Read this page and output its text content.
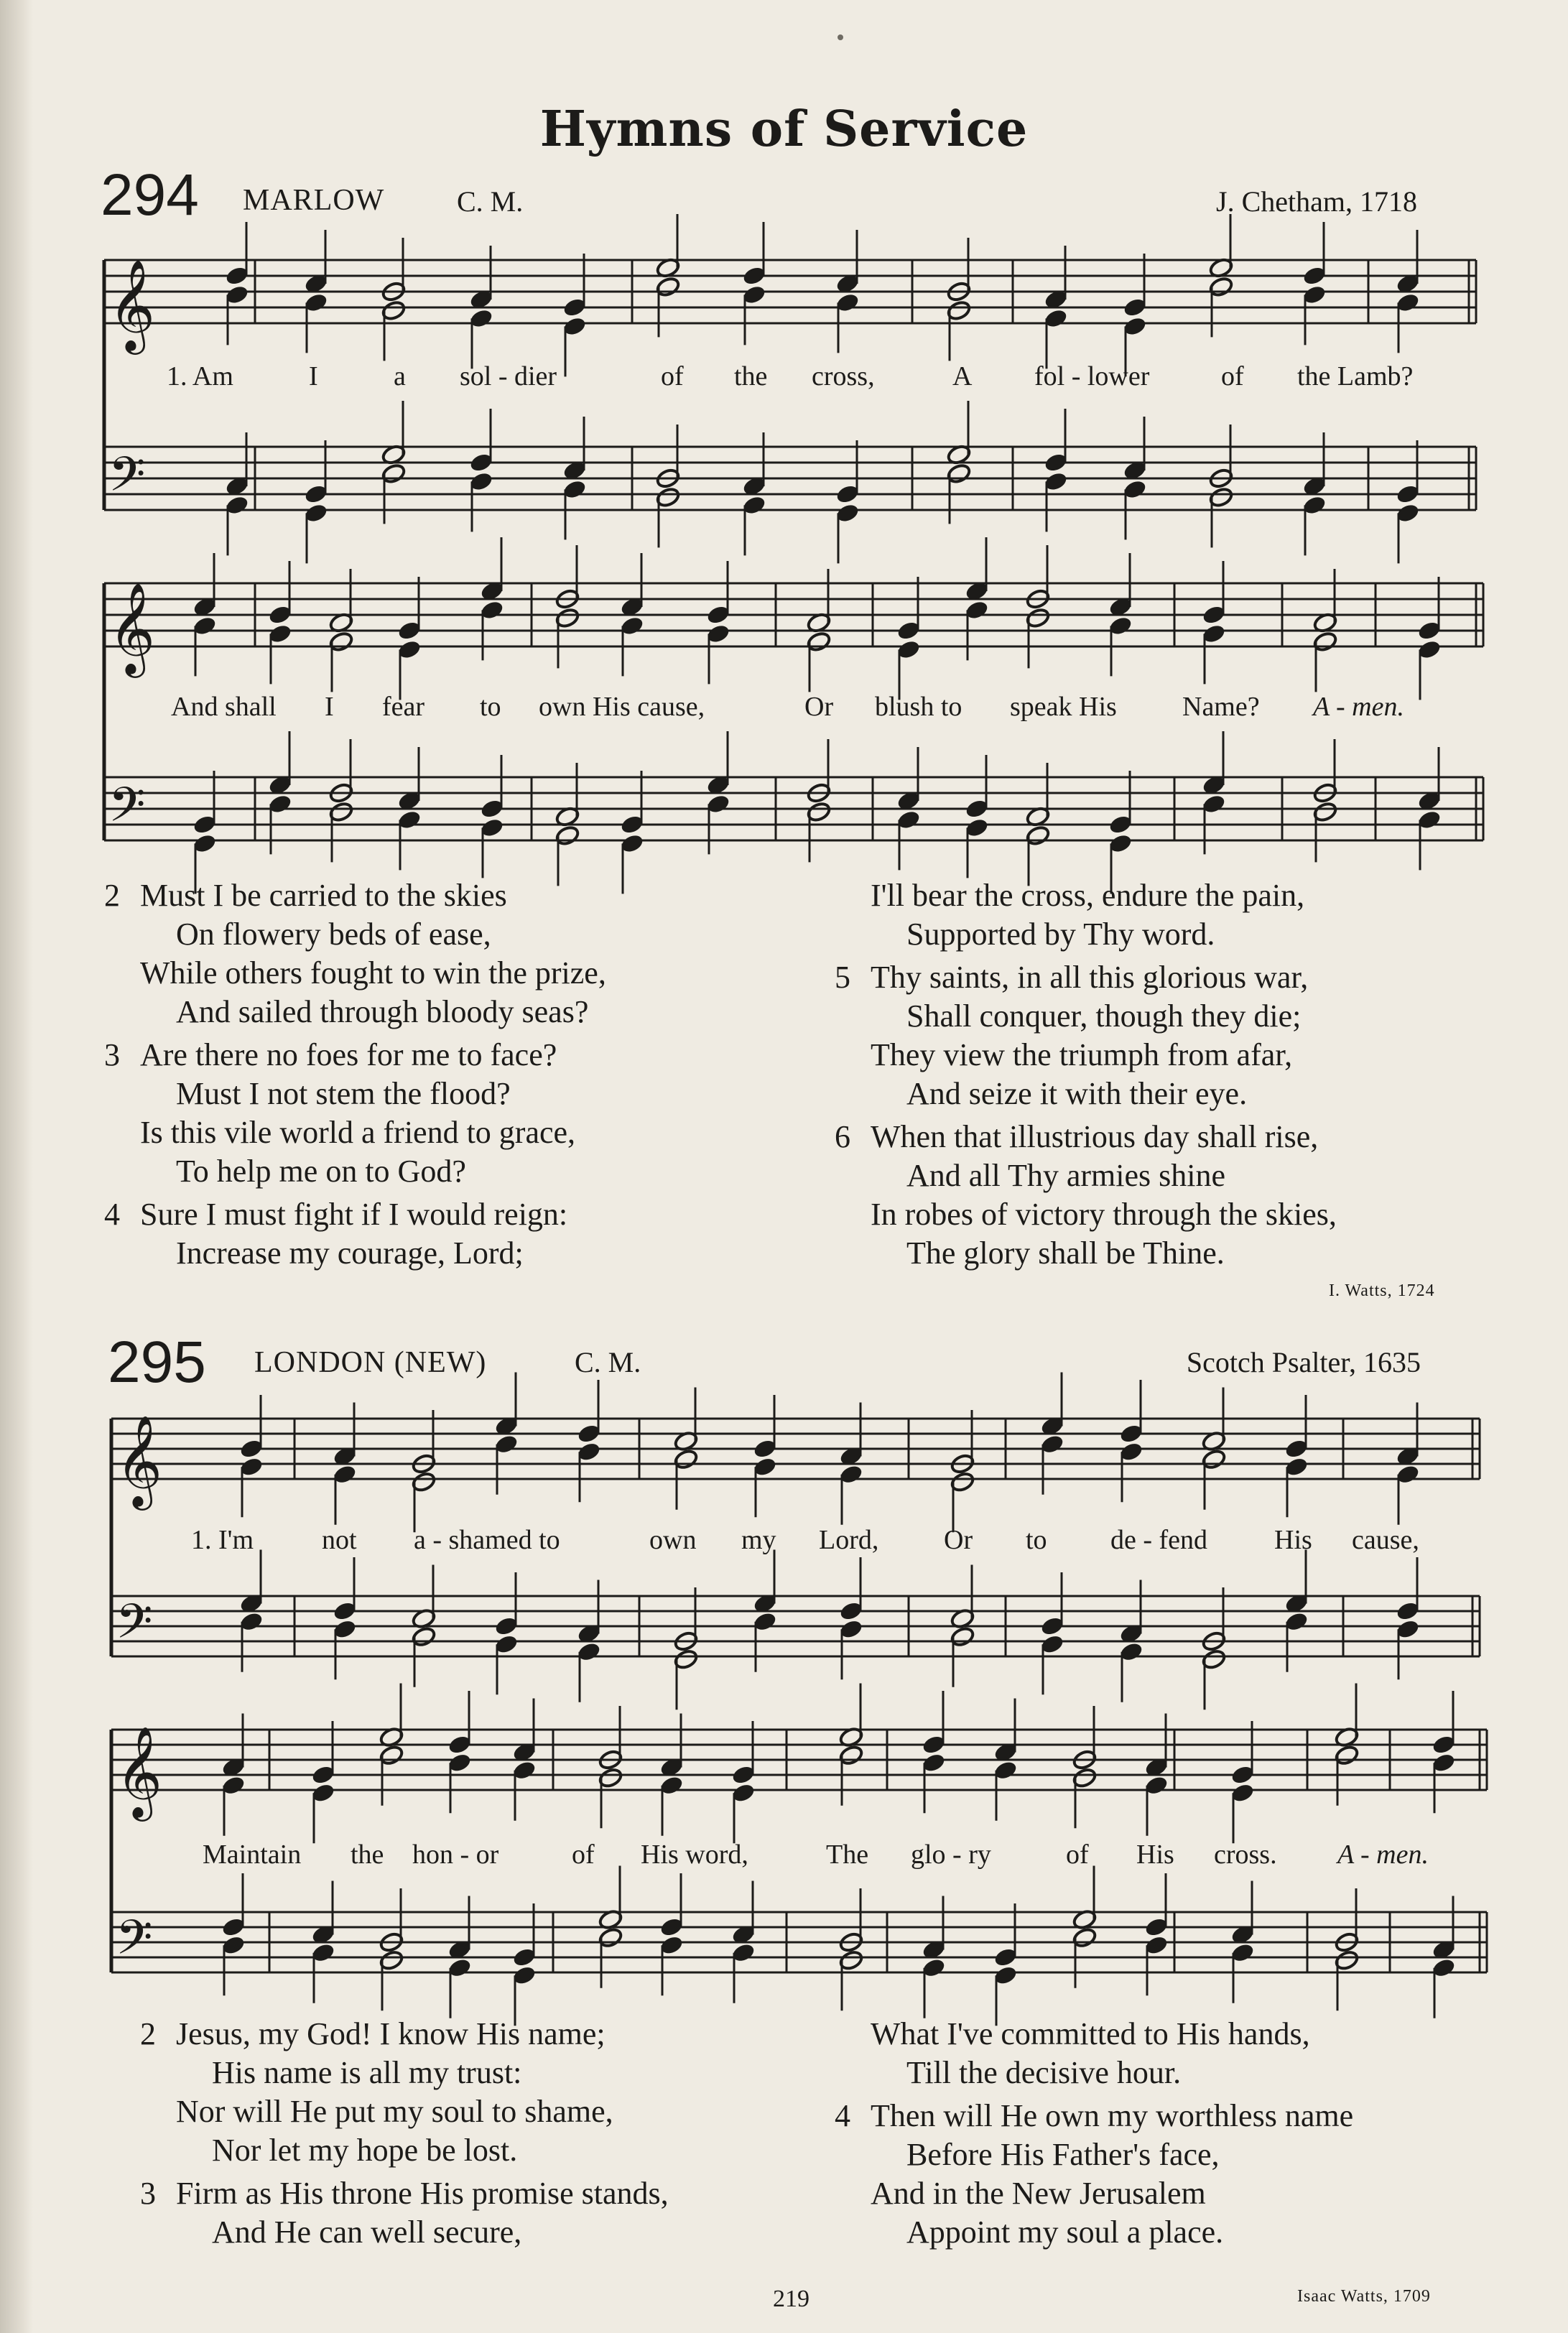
Hymns of Service
294 MARLOW	C. M.	J. Chetham, 1718
1. Am	I	a sol - dier	of the cross,	A fol - lower	of the Lamb?
And shall I fear to own His cause,	Or blush to speak His Name? A - men.
2 Must I be carried to the skies
On flowery beds of ease,
While others fought to win the prize,
And sailed through bloody seas?
3 Are there no foes for me to face?
Must I not stem the flood?
Is this vile world a friend to grace,
To help me on to God?
4 Sure I must fight if I would reign:
Increase my courage, Lord;
I'll bear the cross, endure the pain,
Supported by Thy word.
5 Thy saints, in all this glorious war,
Shall conquer, though they die;
They view the triumph from afar,
And seize it with their eye.
6 When that illustrious day shall rise,
And all Thy armies shine
In robes of victory through the skies,
The glory shall be Thine.
I. Watts, 1724
295 LONDON (NEW)	C. M.	Scotch Psalter, 1635
1. I'm not a - shamed to	own my Lord, Or to de - fend His cause,
Maintain the hon - or	of His word,	The glo - ry	of His cross. A - men.
2 Jesus, my God! I know His name;
His name is all my trust:
Nor will He put my soul to shame,
Nor let my hope be lost.
3 Firm as His throne His promise stands,
And He can well secure,
What I've committed to His hands,
Till the decisive hour.
4 Then will He own my worthless name
Before His Father's face,
And in the New Jerusalem
Appoint my soul a place.
Isaac Watts, 1709
219
𝄞
𝄢
𝄞
𝄢
𝄞
𝄢
𝄞
𝄢
